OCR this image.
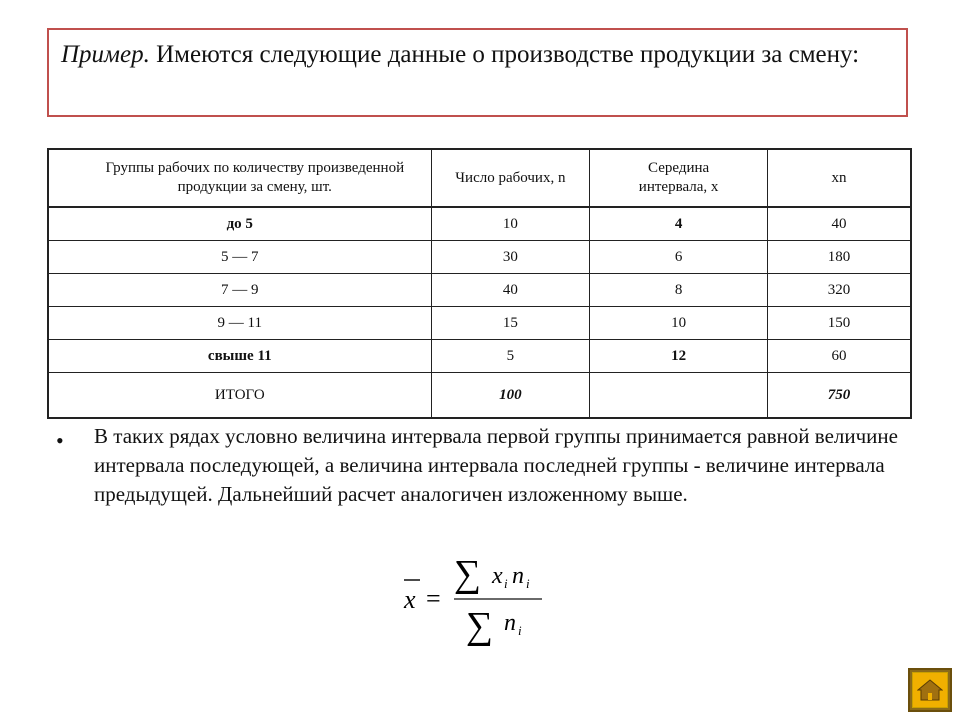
Пример. Имеются следующие данные о производстве продукции за смену:
Группы рабочих по количеству произведенной продукции за смену, шт.	Число рабочих, n	Середина интервала, x	xn
до 5	10	4	40
5 — 7	30	6	180
7 — 9	40	8	320
9 — 11	15	10	150
свыше 11	5	12	60
ИТОГО	100		750
• В таких рядах условно величина интервала первой группы принимается равной величине интервала последующей, а величина интервала последней группы - величине интервала предыдущей. Дальнейший расчет аналогичен изложенному выше.
x =
∑ x i n i
∑ n i
